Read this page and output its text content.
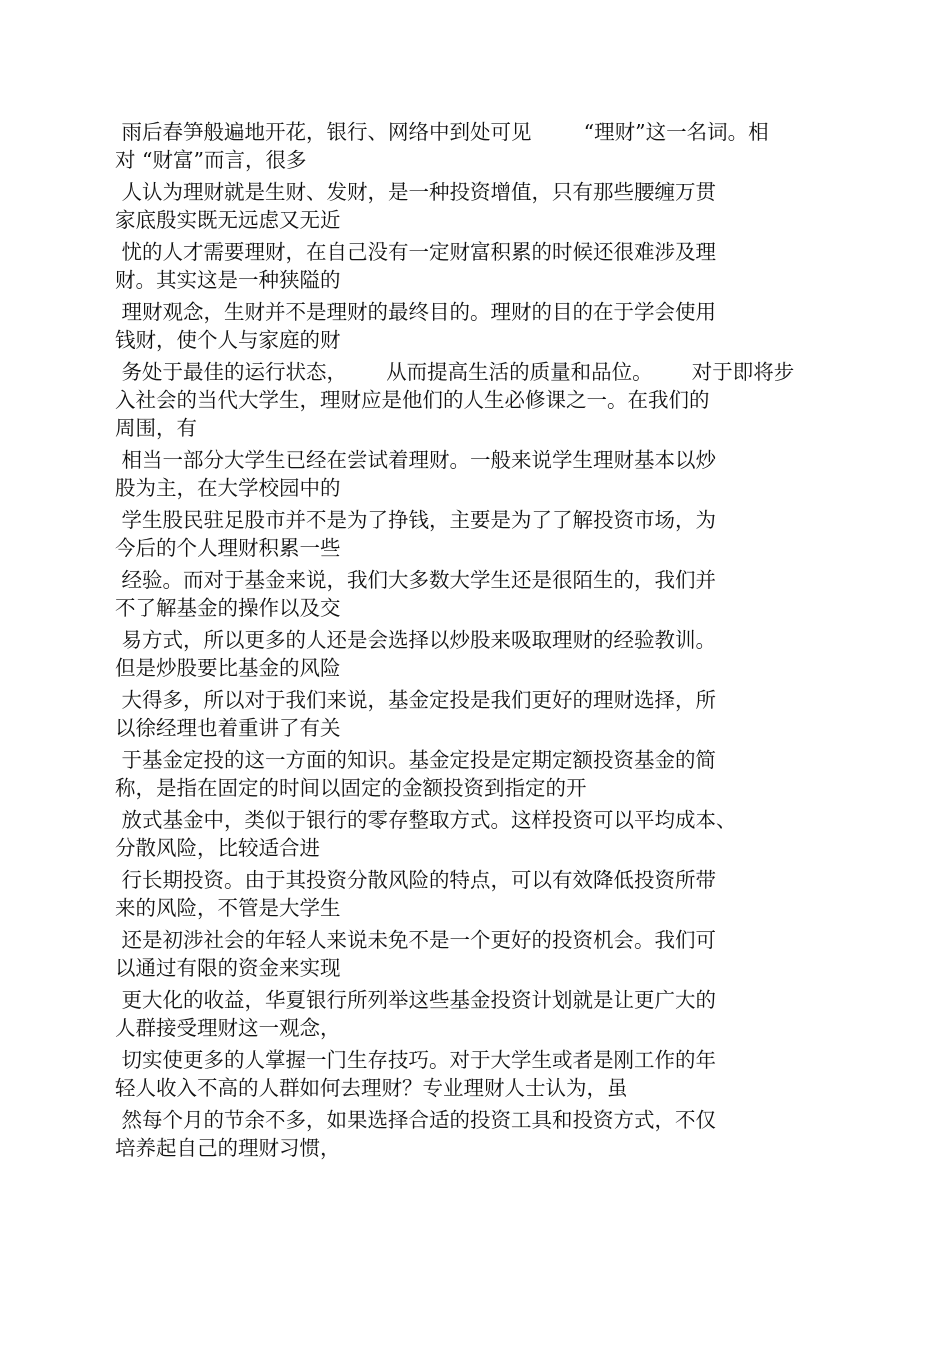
雨后春笋般遍地开花，银行、网络中到处可见        “理财”这一名词。相
对 “财富”而言，很多
人认为理财就是生财、发财，是一种投资增值，只有那些腰缠万贯
家底殷实既无远虑又无近
忧的人才需要理财，在自己没有一定财富积累的时候还很难涉及理
财。其实这是一种狭隘的
理财观念，生财并不是理财的最终目的。理财的目的在于学会使用
钱财，使个人与家庭的财
务处于最佳的运行状态，      从而提高生活的质量和品位。      对于即将步
入社会的当代大学生，理财应是他们的人生必修课之一。在我们的
周围，有
相当一部分大学生已经在尝试着理财。一般来说学生理财基本以炒
股为主，在大学校园中的
学生股民驻足股市并不是为了挣钱，主要是为了了解投资市场，为
今后的个人理财积累一些
经验。而对于基金来说，我们大多数大学生还是很陌生的，我们并
不了解基金的操作以及交
易方式，所以更多的人还是会选择以炒股来吸取理财的经验教训。
但是炒股要比基金的风险
大得多，所以对于我们来说，基金定投是我们更好的理财选择，所
以徐经理也着重讲了有关
于基金定投的这一方面的知识。基金定投是定期定额投资基金的简
称，是指在固定的时间以固定的金额投资到指定的开
放式基金中，类似于银行的零存整取方式。这样投资可以平均成本、
分散风险，比较适合进
行长期投资。由于其投资分散风险的特点，可以有效降低投资所带
来的风险，不管是大学生
还是初涉社会的年轻人来说未免不是一个更好的投资机会。我们可
以通过有限的资金来实现
更大化的收益，华夏银行所列举这些基金投资计划就是让更广大的
人群接受理财这一观念，
切实使更多的人掌握一门生存技巧。对于大学生或者是刚工作的年
轻人收入不高的人群如何去理财？专业理财人士认为，虽
然每个月的节余不多，如果选择合适的投资工具和投资方式，不仅
培养起自己的理财习惯，
